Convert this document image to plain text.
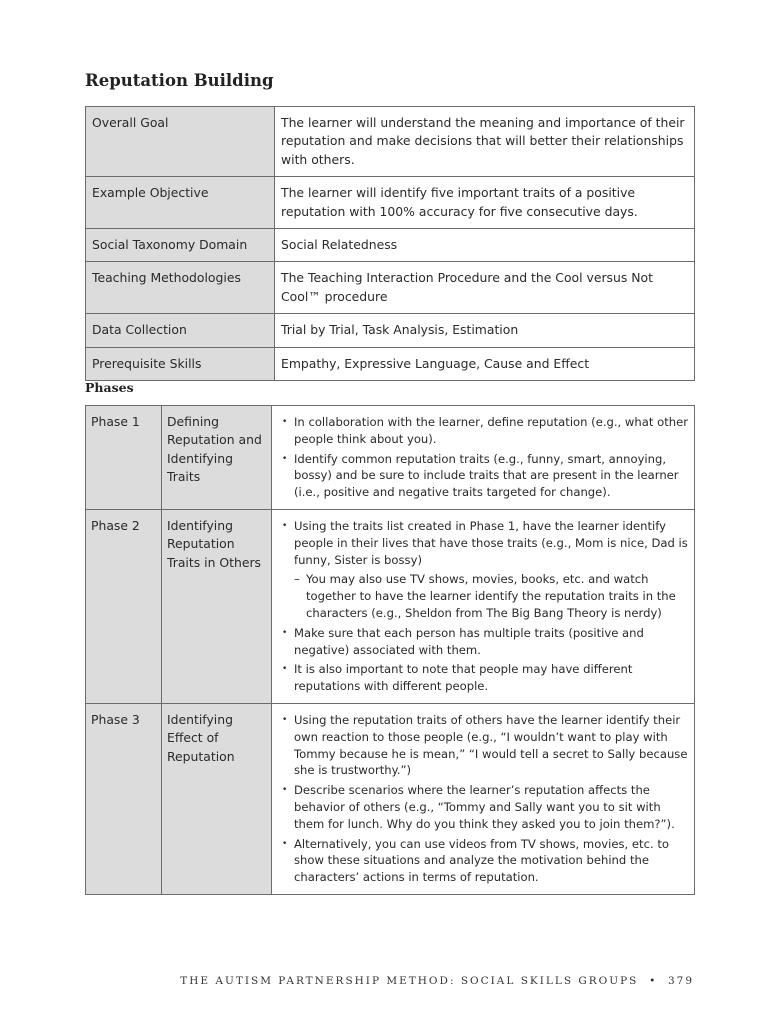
Reputation Building
Overall Goal	The learner will understand the meaning and importance of their reputation and make decisions that will better their relationships with others.
Example Objective	The learner will identify five important traits of a positive reputation with 100% accuracy for five consecutive days.
Social Taxonomy Domain	Social Relatedness
Teaching Methodologies	The Teaching Interaction Procedure and the Cool versus Not Cool™ procedure
Data Collection	Trial by Trial, Task Analysis, Estimation
Prerequisite Skills	Empathy, Expressive Language, Cause and Effect
Phases
Phase 1	Defining Reputation and Identifying Traits	• In collaboration with the learner, define reputation (e.g., what other people think about you).
• Identify common reputation traits (e.g., funny, smart, annoying, bossy) and be sure to include traits that are present in the learner (i.e., positive and negative traits targeted for change).

Phase 2	Identifying Reputation Traits in Others	• Using the traits list created in Phase 1, have the learner identify people in their lives that have those traits (e.g., Mom is nice, Dad is funny, Sister is bossy)
– You may also use TV shows, movies, books, etc. and watch together to have the learner identify the reputation traits in the characters (e.g., Sheldon from The Big Bang Theory is nerdy)
• Make sure that each person has multiple traits (positive and negative) associated with them.
• It is also important to note that people may have different reputations with different people.

Phase 3	Identifying Effect of Reputation	• Using the reputation traits of others have the learner identify their own reaction to those people (e.g., “I wouldn’t want to play with Tommy because he is mean,” “I would tell a secret to Sally because she is trustworthy.”)
• Describe scenarios where the learner’s reputation affects the behavior of others (e.g., “Tommy and Sally want you to sit with them for lunch. Why do you think they asked you to join them?”).
• Alternatively, you can use videos from TV shows, movies, etc. to show these situations and analyze the motivation behind the characters’ actions in terms of reputation.

THE AUTISM PARTNERSHIP METHOD: SOCIAL SKILLS GROUPS • 379
